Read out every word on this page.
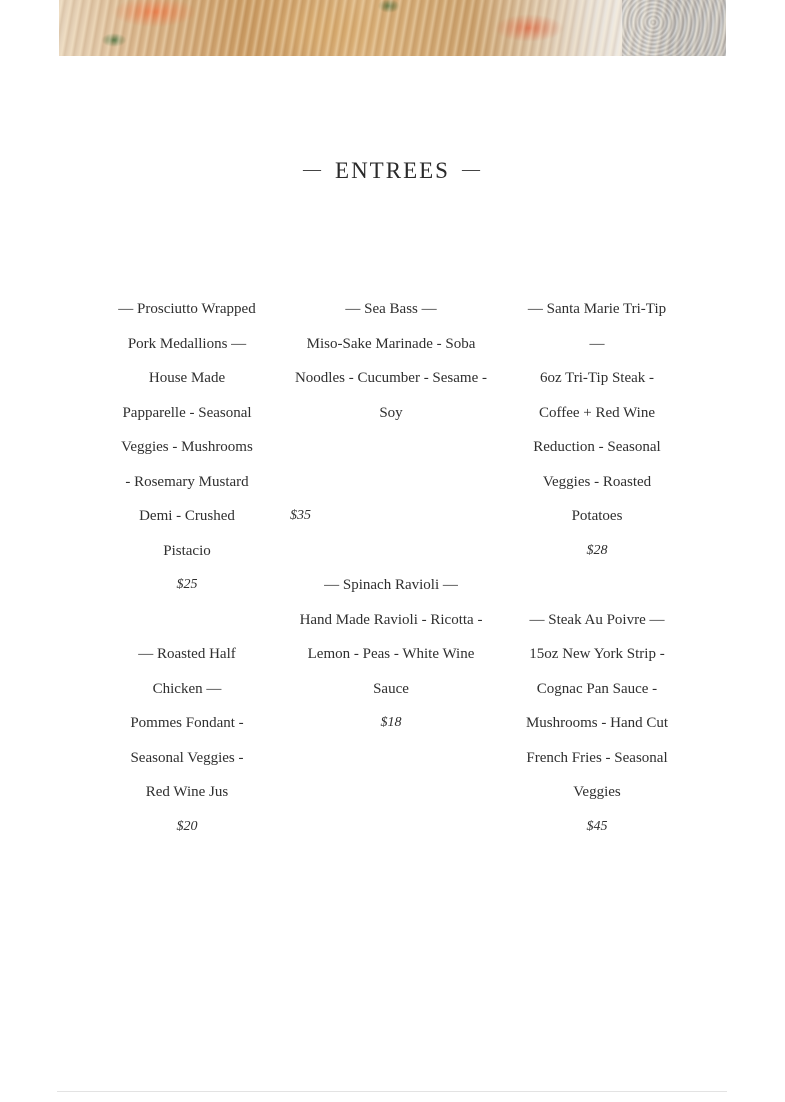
— ENTREES —

— Prosciutto Wrapped Pork Medallions —

House Made Papparelle - Seasonal Veggies - Mushrooms - Rosemary Mustard Demi - Crushed Pistacio

$25

— Roasted Half Chicken —

Pommes Fondant - Seasonal Veggies - Red Wine Jus

$20

— Sea Bass —

Miso-Sake Marinade - Soba Noodles - Cucumber - Sesame - Soy

$35

— Spinach Ravioli —

Hand Made Ravioli - Ricotta - Lemon - Peas - White Wine Sauce

$18

— Santa Marie Tri-Tip —

6oz Tri-Tip Steak - Coffee + Red Wine Reduction - Seasonal Veggies - Roasted Potatoes

$28

— Steak Au Poivre —

15oz New York Strip - Cognac Pan Sauce - Mushrooms - Hand Cut French Fries - Seasonal Veggies

$45
